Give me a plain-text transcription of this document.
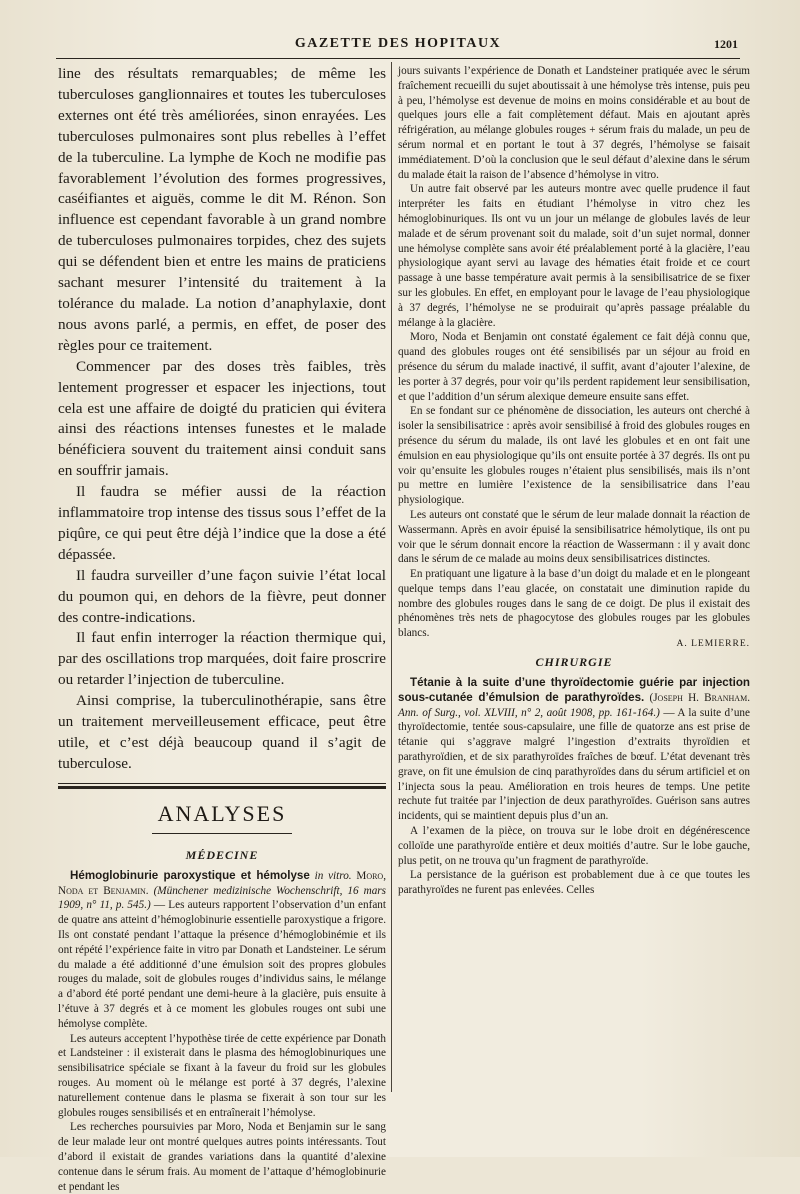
GAZETTE DES HOPITAUX	1201

line des résultats remarquables; de même les tuberculoses ganglionnaires et toutes les tuberculoses externes ont été très améliorées, sinon enrayées. Les tuberculoses pulmonaires sont plus rebelles à l’effet de la tuberculine. La lymphe de Koch ne modifie pas favorablement l’évolution des formes progressives, caséifiantes et aiguës, comme le dit M. Rénon. Son influence est cependant favorable à un grand nombre de tuberculoses pulmonaires torpides, chez des sujets qui se défendent bien et entre les mains de praticiens sachant mesurer l’intensité du traitement à la tolérance du malade. La notion d’anaphylaxie, dont nous avons parlé, a permis, en effet, de poser des règles pour ce traitement.

Commencer par des doses très faibles, très lentement progresser et espacer les injections, tout cela est une affaire de doigté du praticien qui évitera ainsi des réactions intenses funestes et le malade bénéficiera souvent du traitement ainsi conduit sans en souffrir jamais.

Il faudra se méfier aussi de la réaction inflammatoire trop intense des tissus sous l’effet de la piqûre, ce qui peut être déjà l’indice que la dose a été dépassée.

Il faudra surveiller d’une façon suivie l’état local du poumon qui, en dehors de la fièvre, peut donner des contre-indications.

Il faut enfin interroger la réaction thermique qui, par des oscillations trop marquées, doit faire proscrire ou retarder l’injection de tuberculine.

Ainsi comprise, la tuberculinothérapie, sans être un traitement merveilleusement efficace, peut être utile, et c’est déjà beaucoup quand il s’agit de tuberculose.

ANALYSES
MÉDECINE

Hémoglobinurie paroxystique et hémolyse in vitro. Moro, Noda et Benjamin. (Münchener medizinische Wochenschrift, 16 mars 1909, n° 11, p. 545.) — Les auteurs rapportent l’observation d’un enfant de quatre ans atteint d’hémoglobinurie essentielle paroxystique a frigore. Ils ont constaté pendant l’attaque la présence d’hémoglobinémie et ils ont répété l’expérience faite in vitro par Donath et Landsteiner. Le sérum du malade a été additionné d’une émulsion soit des propres globules rouges du malade, soit de globules rouges d’individus sains, le mélange a d’abord été porté pendant une demi-heure à la glacière, puis ensuite à l’étuve à 37 degrés et à ce moment les globules rouges ont subi une hémolyse complète.

Les auteurs acceptent l’hypothèse tirée de cette expérience par Donath et Landsteiner : il existerait dans le plasma des hémoglobinuriques une sensibilisatrice spéciale se fixant à la faveur du froid sur les globules rouges. Au moment où le mélange est porté à 37 degrés, l’alexine naturellement contenue dans le plasma se fixerait à son tour sur les globules rouges sensibilisés et en entraînerait l’hémolyse.

Les recherches poursuivies par Moro, Noda et Benjamin sur le sang de leur malade leur ont montré quelques autres points intéressants. Tout d’abord il existait de grandes variations dans la quantité d’alexine contenue dans le sérum frais. Au moment de l’attaque d’hémoglobinurie et pendant les

jours suivants l’expérience de Donath et Landsteiner pratiquée avec le sérum fraîchement recueilli du sujet aboutissait à une hémolyse très intense, puis peu à peu, l’hémolyse est devenue de moins en moins considérable et au bout de quelques jours elle a fait complètement défaut. Mais en ajoutant après réfrigération, au mélange globules rouges + sérum frais du malade, un peu de sérum normal et en portant le tout à 37 degrés, l’hémolyse se faisait immédiatement. D’où la conclusion que le seul défaut d’alexine dans le sérum du malade était la raison de l’absence d’hémolyse in vitro.

Un autre fait observé par les auteurs montre avec quelle prudence il faut interpréter les faits en étudiant l’hémolyse in vitro chez les hémoglobinuriques. Ils ont vu un jour un mélange de globules lavés de leur malade et de sérum provenant soit du malade, soit d’un sujet normal, donner une hémolyse complète sans avoir été préalablement porté à la glacière, l’eau physiologique ayant servi au lavage des hématies était froide et ce court passage à une basse température avait permis à la sensibilisatrice de se fixer sur les globules. En effet, en employant pour le lavage de l’eau physiologique à 37 degrés, l’hémolyse ne se produirait qu’après passage préalable du mélange à la glacière.

Moro, Noda et Benjamin ont constaté également ce fait déjà connu que, quand des globules rouges ont été sensibilisés par un séjour au froid en présence du sérum du malade inactivé, il suffit, avant d’ajouter l’alexine, de les porter à 37 degrés, pour voir qu’ils perdent rapidement leur sensibilisation, et que l’addition d’un sérum alexique demeure ensuite sans effet.

En se fondant sur ce phénomène de dissociation, les auteurs ont cherché à isoler la sensibilisatrice : après avoir sensibilisé à froid des globules rouges en présence du sérum du malade, ils ont lavé les globules et en ont fait une émulsion en eau physiologique qu’ils ont ensuite portée à 37 degrés. Ils ont pu voir qu’ensuite les globules rouges n’étaient plus sensibilisés, mais ils n’ont pu mettre en lumière l’existence de la sensibilisatrice dans l’eau physiologique.

Les auteurs ont constaté que le sérum de leur malade donnait la réaction de Wassermann. Après en avoir épuisé la sensibilisatrice hémolytique, ils ont pu voir que le sérum donnait encore la réaction de Wassermann : il y avait donc dans le sérum de ce malade au moins deux sensibilisatrices distinctes.

En pratiquant une ligature à la base d’un doigt du malade et en le plongeant quelque temps dans l’eau glacée, on constatait une diminution rapide du nombre des globules rouges dans le sang de ce doigt. De plus il existait des phénomènes très nets de phagocytose des globules rouges par les globules blancs.

A. LEMIERRE.
CHIRURGIE

Tétanie à la suite d’une thyroïdectomie guérie par injection sous-cutanée d’émulsion de parathyroïdes. (Joseph H. Branham. Ann. of Surg., vol. XLVIII, n° 2, août 1908, pp. 161-164.) — A la suite d’une thyroïdectomie, tentée sous-capsulaire, une fille de quatorze ans est prise de tétanie qui s’aggrave malgré l’ingestion d’extraits thyroïdien et parathyroïdien, et de six parathyroïdes fraîches de bœuf. L’état devenant très grave, on fit une émulsion de cinq parathyroïdes dans du sérum artificiel et on l’injecta sous la peau. Amélioration en trois heures de temps. Une petite rechute fut traitée par l’injection de deux parathyroïdes. Guérison sans autres incidents, qui se maintient depuis plus d’un an.

A l’examen de la pièce, on trouva sur le lobe droit en dégénérescence colloïde une parathyroïde entière et deux moitiés d’autre. Sur le lobe gauche, plus petit, on ne trouva qu’un fragment de parathyroïde.

La persistance de la guérison est probablement due à ce que toutes les parathyroïdes ne furent pas enlevées. Celles
